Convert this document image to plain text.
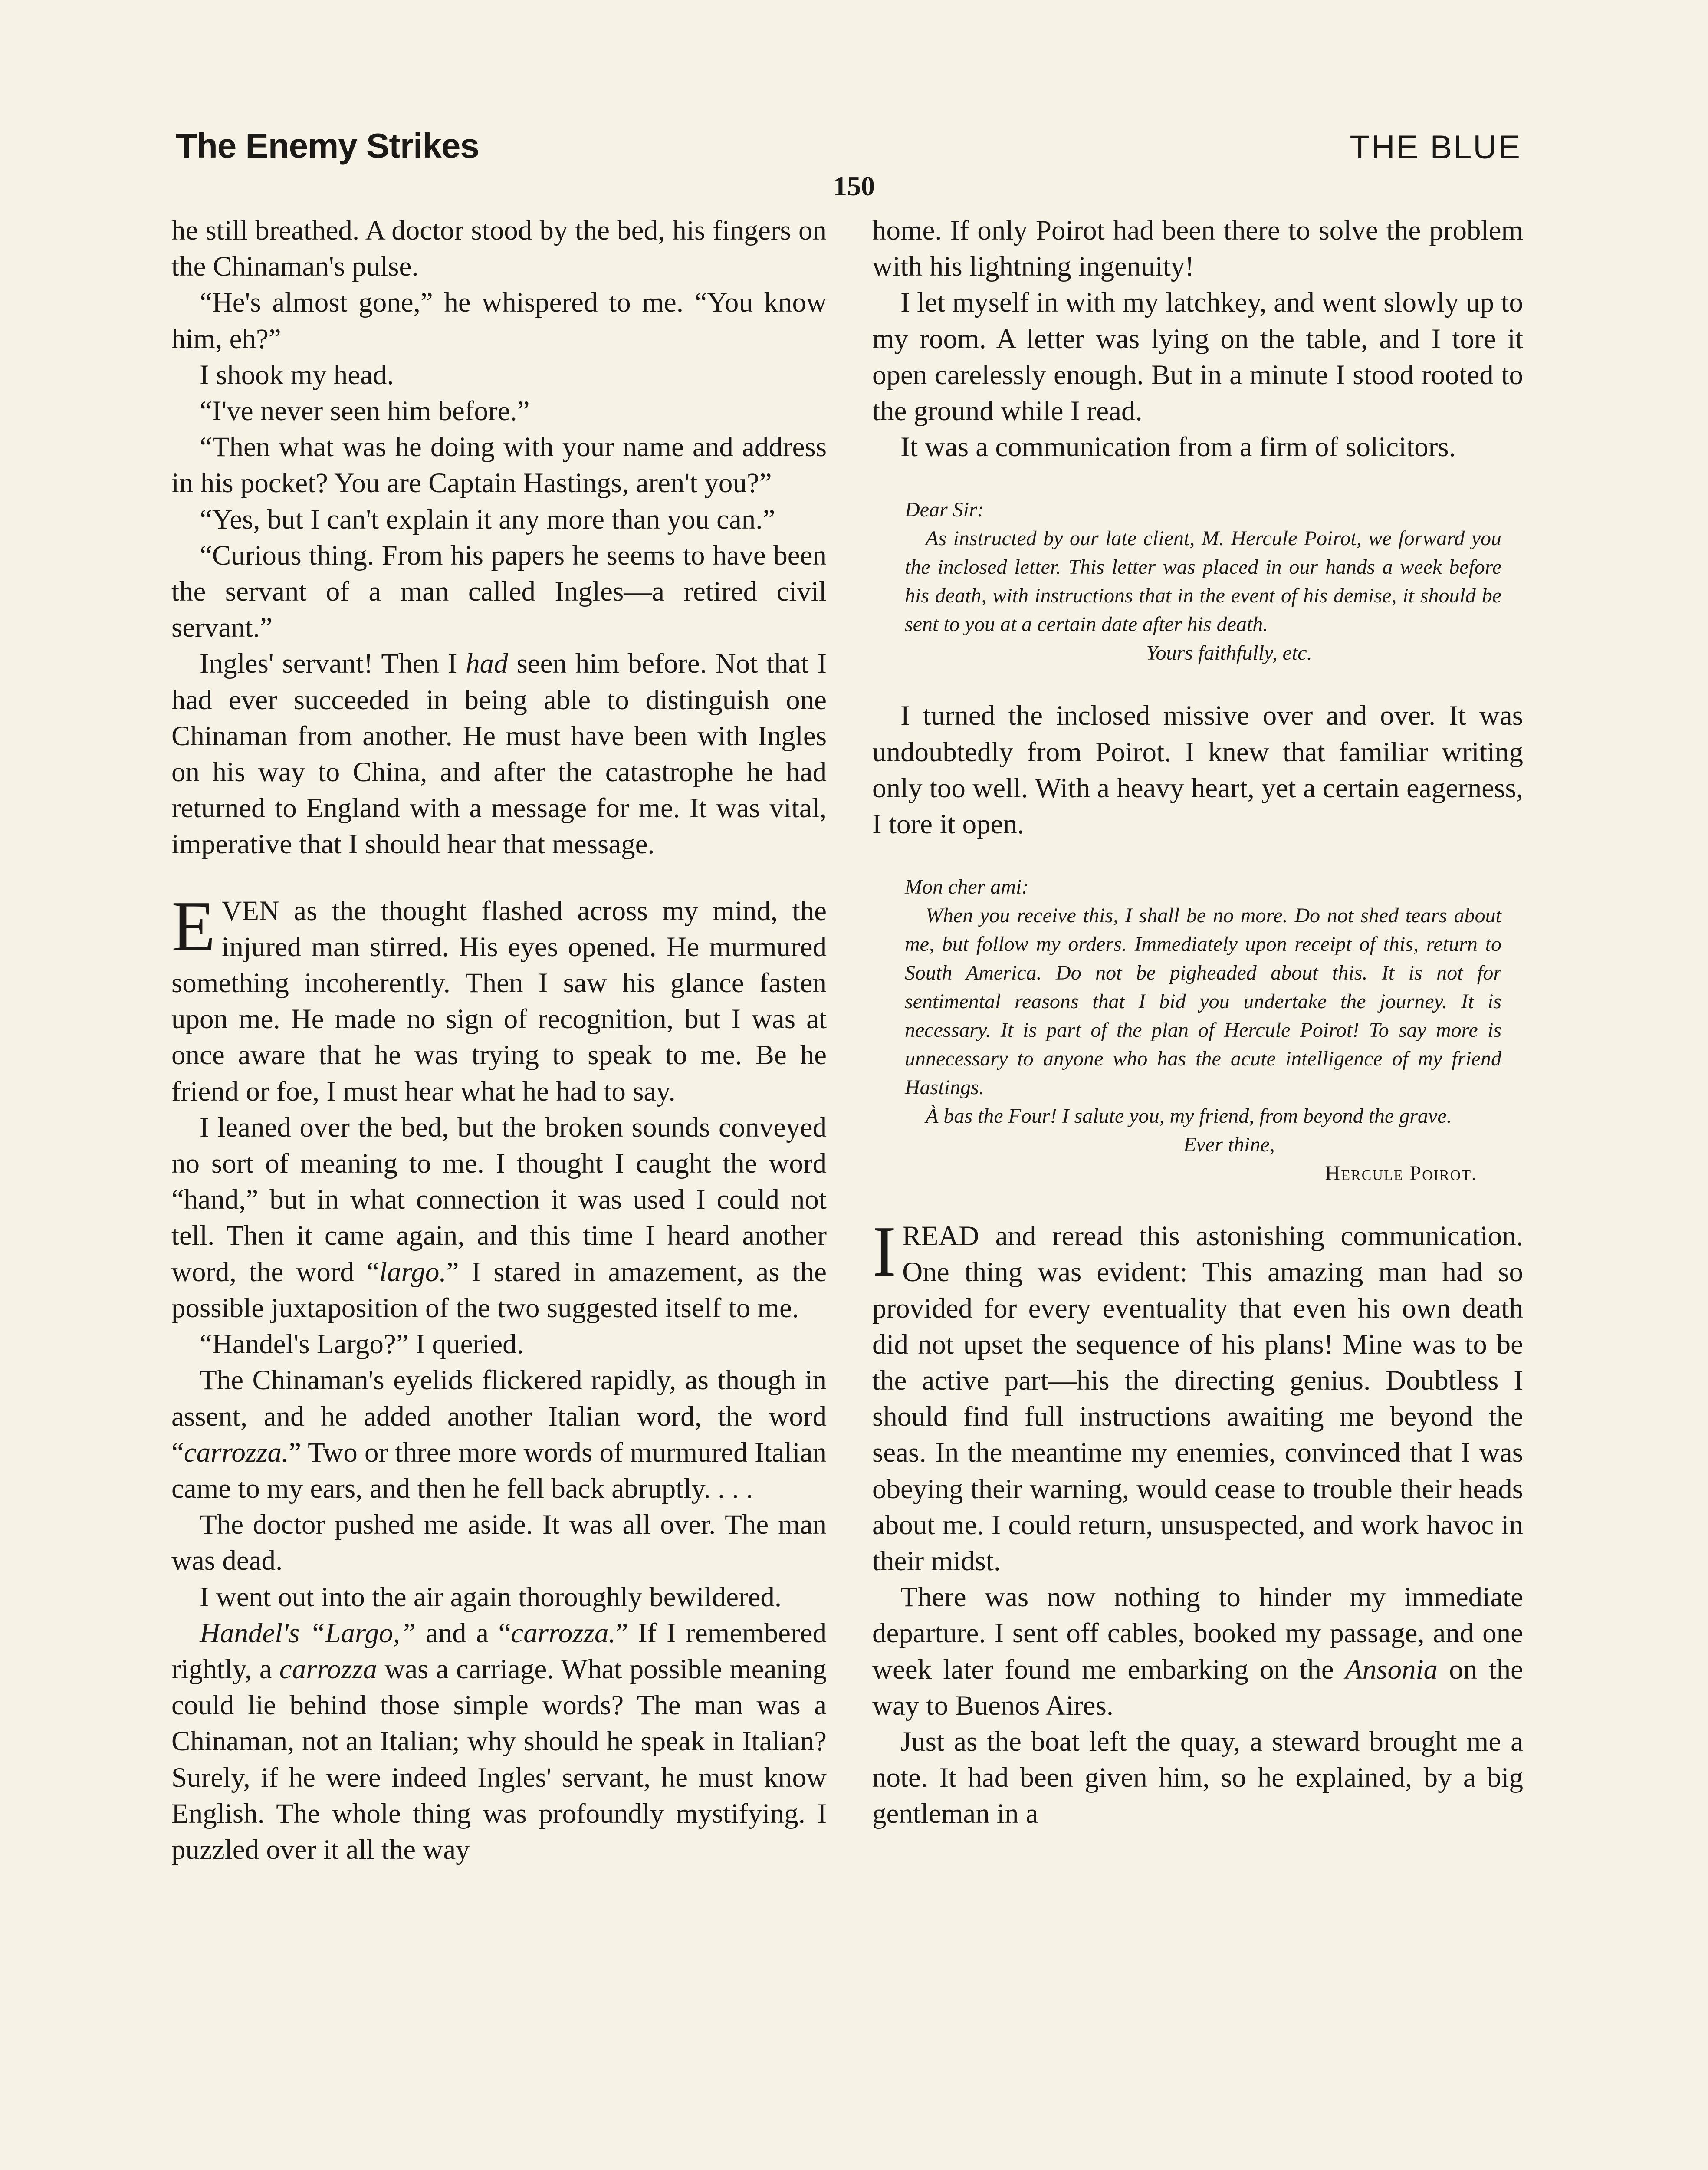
The Enemy Strikes	THE BLUE
150

he still breathed. A doctor stood by the bed, his fingers on the Chinaman's pulse.

“He's almost gone,” he whispered to me. “You know him, eh?”

I shook my head.

“I've never seen him before.”

“Then what was he doing with your name and address in his pocket? You are Captain Hastings, aren't you?”

“Yes, but I can't explain it any more than you can.”

“Curious thing. From his papers he seems to have been the servant of a man called Ingles—a retired civil servant.”

Ingles' servant! Then I had seen him before. Not that I had ever succeeded in being able to distinguish one Chinaman from another. He must have been with Ingles on his way to China, and after the catastrophe he had returned to England with a message for me. It was vital, imperative that I should hear that message.

EVEN as the thought flashed across my mind, the injured man stirred. His eyes opened. He murmured something incoherently. Then I saw his glance fasten upon me. He made no sign of recognition, but I was at once aware that he was trying to speak to me. Be he friend or foe, I must hear what he had to say.

I leaned over the bed, but the broken sounds conveyed no sort of meaning to me. I thought I caught the word “hand,” but in what connection it was used I could not tell. Then it came again, and this time I heard another word, the word “largo.” I stared in amazement, as the possible juxtaposition of the two suggested itself to me.

“Handel's Largo?” I queried.

The Chinaman's eyelids flickered rapidly, as though in assent, and he added another Italian word, the word “carrozza.” Two or three more words of murmured Italian came to my ears, and then he fell back abruptly. . . .

The doctor pushed me aside. It was all over. The man was dead.

I went out into the air again thoroughly bewildered.

Handel's “Largo,” and a “carrozza.” If I remembered rightly, a carrozza was a carriage. What possible meaning could lie behind those simple words? The man was a Chinaman, not an Italian; why should he speak in Italian? Surely, if he were indeed Ingles' servant, he must know English. The whole thing was profoundly mystifying. I puzzled over it all the way

home. If only Poirot had been there to solve the problem with his lightning ingenuity!

I let myself in with my latchkey, and went slowly up to my room. A letter was lying on the table, and I tore it open carelessly enough. But in a minute I stood rooted to the ground while I read.

It was a communication from a firm of solicitors.

Dear Sir:

As instructed by our late client, M. Hercule Poirot, we forward you the inclosed letter. This letter was placed in our hands a week before his death, with instructions that in the event of his demise, it should be sent to you at a certain date after his death.

Yours faithfully, etc.

I turned the inclosed missive over and over. It was undoubtedly from Poirot. I knew that familiar writing only too well. With a heavy heart, yet a certain eagerness, I tore it open.

Mon cher ami:

When you receive this, I shall be no more. Do not shed tears about me, but follow my orders. Immediately upon receipt of this, return to South America. Do not be pigheaded about this. It is not for sentimental reasons that I bid you undertake the journey. It is necessary. It is part of the plan of Hercule Poirot! To say more is unnecessary to anyone who has the acute intelligence of my friend Hastings.

À bas the Four! I salute you, my friend, from beyond the grave.

Ever thine,

Hercule Poirot.

I READ and reread this astonishing communication. One thing was evident: This amazing man had so provided for every eventuality that even his own death did not upset the sequence of his plans! Mine was to be the active part—his the directing genius. Doubtless I should find full instructions awaiting me beyond the seas. In the meantime my enemies, convinced that I was obeying their warning, would cease to trouble their heads about me. I could return, unsuspected, and work havoc in their midst.

There was now nothing to hinder my immediate departure. I sent off cables, booked my passage, and one week later found me embarking on the Ansonia on the way to Buenos Aires.

Just as the boat left the quay, a steward brought me a note. It had been given him, so he explained, by a big gentleman in a
